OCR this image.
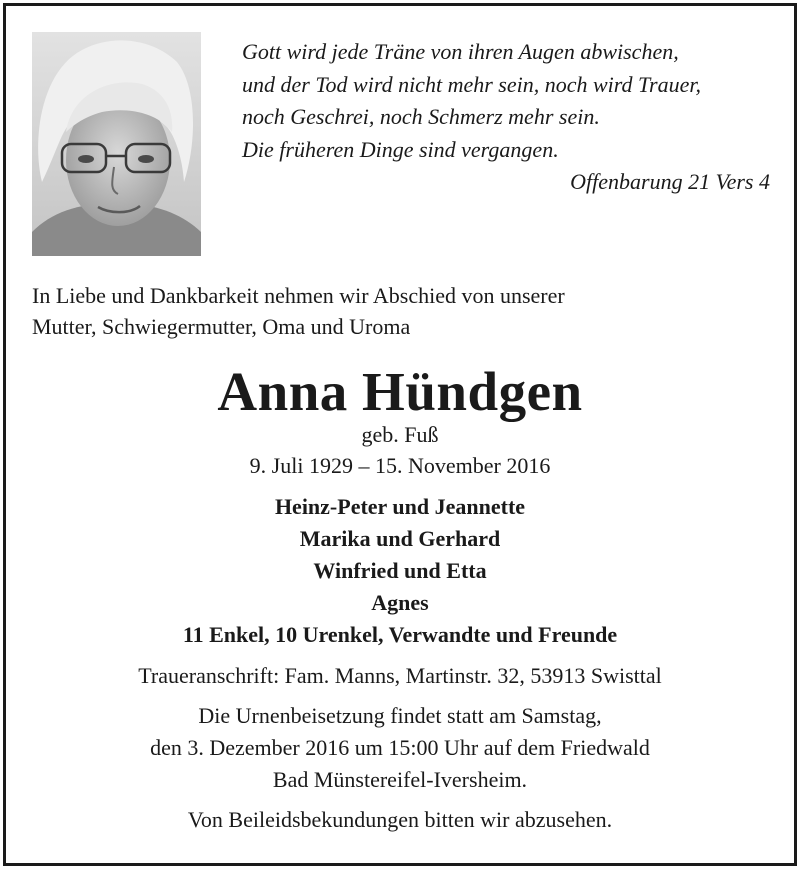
Gott wird jede Träne von ihren Augen abwischen,
und der Tod wird nicht mehr sein, noch wird Trauer,
noch Geschrei, noch Schmerz mehr sein.
Die früheren Dinge sind vergangen.
Offenbarung 21 Vers 4
In Liebe und Dankbarkeit nehmen wir Abschied von unserer
Mutter, Schwiegermutter, Oma und Uroma
Anna Hündgen
geb. Fuß
9. Juli 1929 – 15. November 2016
Heinz-Peter und Jeannette
Marika und Gerhard
Winfried und Etta
Agnes
11 Enkel, 10 Urenkel, Verwandte und Freunde
Traueranschrift: Fam. Manns, Martinstr. 32, 53913 Swisttal
Die Urnenbeisetzung findet statt am Samstag,
den 3. Dezember 2016 um 15:00 Uhr auf dem Friedwald
Bad Münstereifel-Iversheim.
Von Beileidsbekundungen bitten wir abzusehen.
